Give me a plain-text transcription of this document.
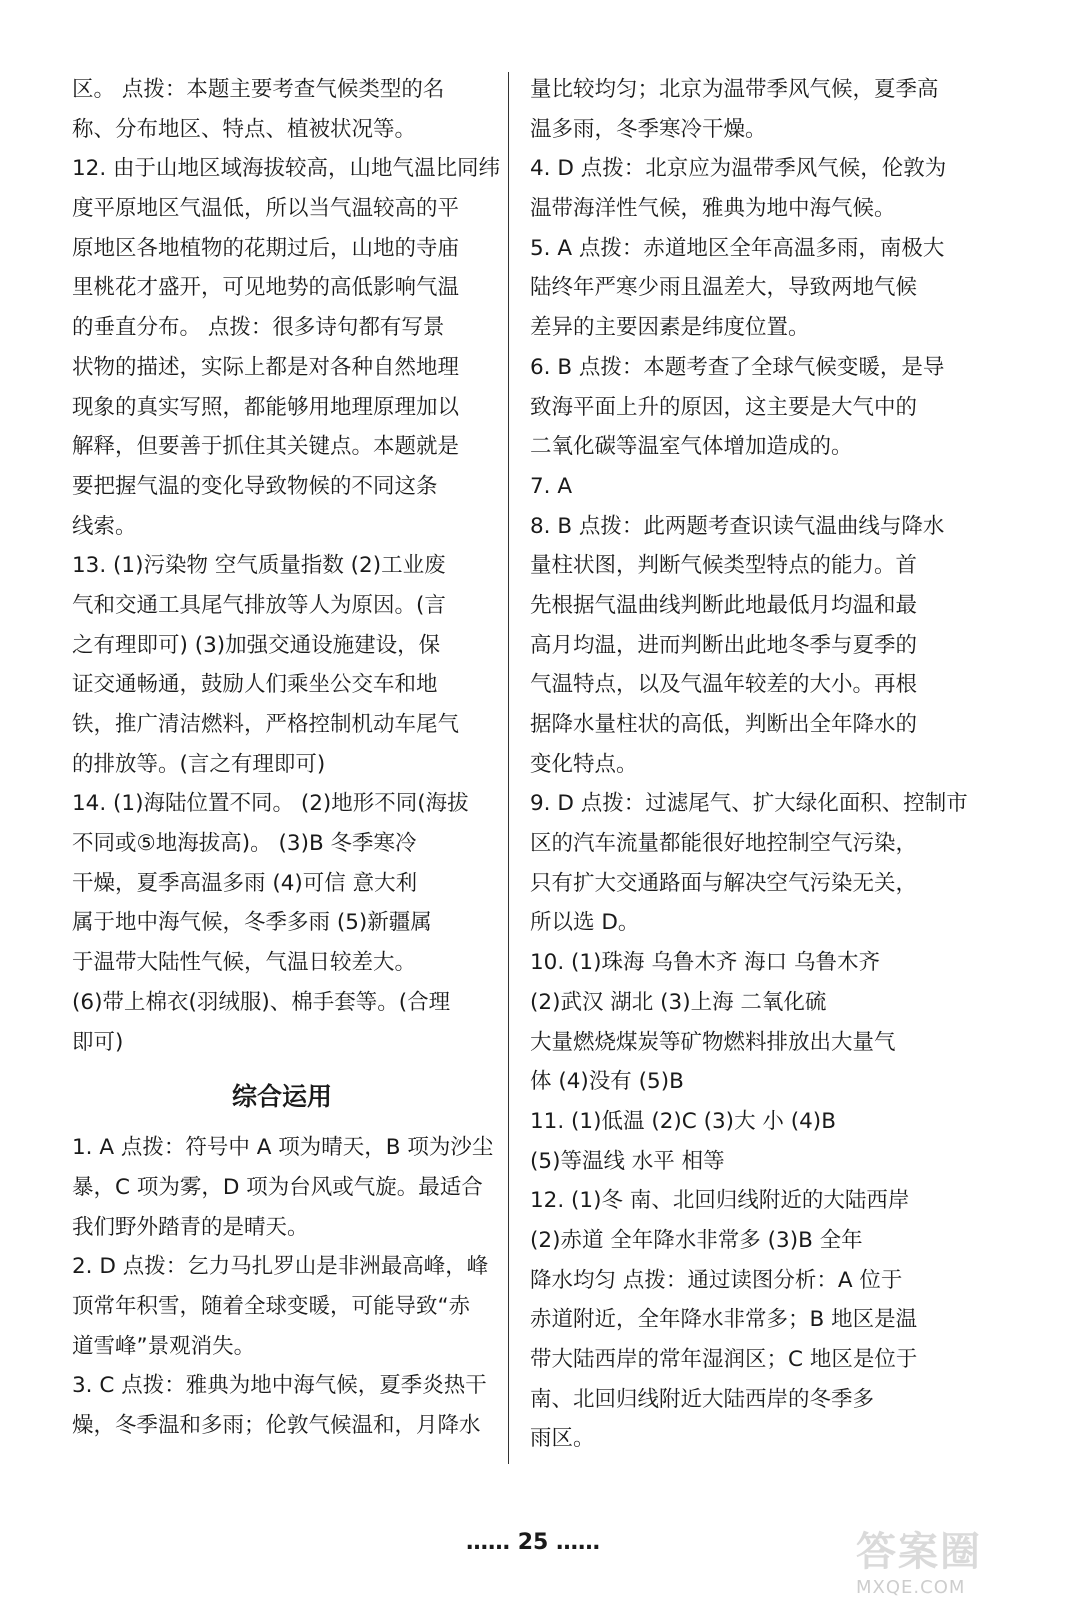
区。 点拨：本题主要考查气候类型的名
称、分布地区、特点、植被状况等。
12. 由于山地区域海拔较高，山地气温比同纬
度平原地区气温低，所以当气温较高的平
原地区各地植物的花期过后，山地的寺庙
里桃花才盛开，可见地势的高低影响气温
的垂直分布。 点拨：很多诗句都有写景
状物的描述，实际上都是对各种自然地理
现象的真实写照，都能够用地理原理加以
解释，但要善于抓住其关键点。本题就是
要把握气温的变化导致物候的不同这条
线索。
13. (1)污染物 空气质量指数 (2)工业废
气和交通工具尾气排放等人为原因。(言
之有理即可) (3)加强交通设施建设，保
证交通畅通，鼓励人们乘坐公交车和地
铁，推广清洁燃料，严格控制机动车尾气
的排放等。(言之有理即可)
14. (1)海陆位置不同。 (2)地形不同(海拔
不同或⑤地海拔高)。 (3)B 冬季寒冷
干燥，夏季高温多雨 (4)可信 意大利
属于地中海气候，冬季多雨 (5)新疆属
于温带大陆性气候，气温日较差大。
(6)带上棉衣(羽绒服)、棉手套等。(合理
即可)
综合运用
1. A 点拨：符号中 A 项为晴天，B 项为沙尘
暴，C 项为雾，D 项为台风或气旋。最适合
我们野外踏青的是晴天。
2. D 点拨：乞力马扎罗山是非洲最高峰，峰
顶常年积雪，随着全球变暖，可能导致“赤
道雪峰”景观消失。
3. C 点拨：雅典为地中海气候，夏季炎热干
燥，冬季温和多雨；伦敦气候温和，月降水
量比较均匀；北京为温带季风气候，夏季高
温多雨，冬季寒冷干燥。
4. D 点拨：北京应为温带季风气候，伦敦为
温带海洋性气候，雅典为地中海气候。
5. A 点拨：赤道地区全年高温多雨，南极大
陆终年严寒少雨且温差大，导致两地气候
差异的主要因素是纬度位置。
6. B 点拨：本题考查了全球气候变暖，是导
致海平面上升的原因，这主要是大气中的
二氧化碳等温室气体增加造成的。
7. A
8. B 点拨：此两题考查识读气温曲线与降水
量柱状图，判断气候类型特点的能力。首
先根据气温曲线判断此地最低月均温和最
高月均温，进而判断出此地冬季与夏季的
气温特点，以及气温年较差的大小。再根
据降水量柱状的高低，判断出全年降水的
变化特点。
9. D 点拨：过滤尾气、扩大绿化面积、控制市
区的汽车流量都能很好地控制空气污染，
只有扩大交通路面与解决空气污染无关，
所以选 D。
10. (1)珠海 乌鲁木齐 海口 乌鲁木齐
(2)武汉 湖北 (3)上海 二氧化硫
大量燃烧煤炭等矿物燃料排放出大量气
体 (4)没有 (5)B
11. (1)低温 (2)C (3)大 小 (4)B
(5)等温线 水平 相等
12. (1)冬 南、北回归线附近的大陆西岸
(2)赤道 全年降水非常多 (3)B 全年
降水均匀 点拨：通过读图分析：A 位于
赤道附近，全年降水非常多；B 地区是温
带大陆西岸的常年湿润区；C 地区是位于
南、北回归线附近大陆西岸的冬季多
雨区。
…… 25 ……	答案圈
MXQE.COM
